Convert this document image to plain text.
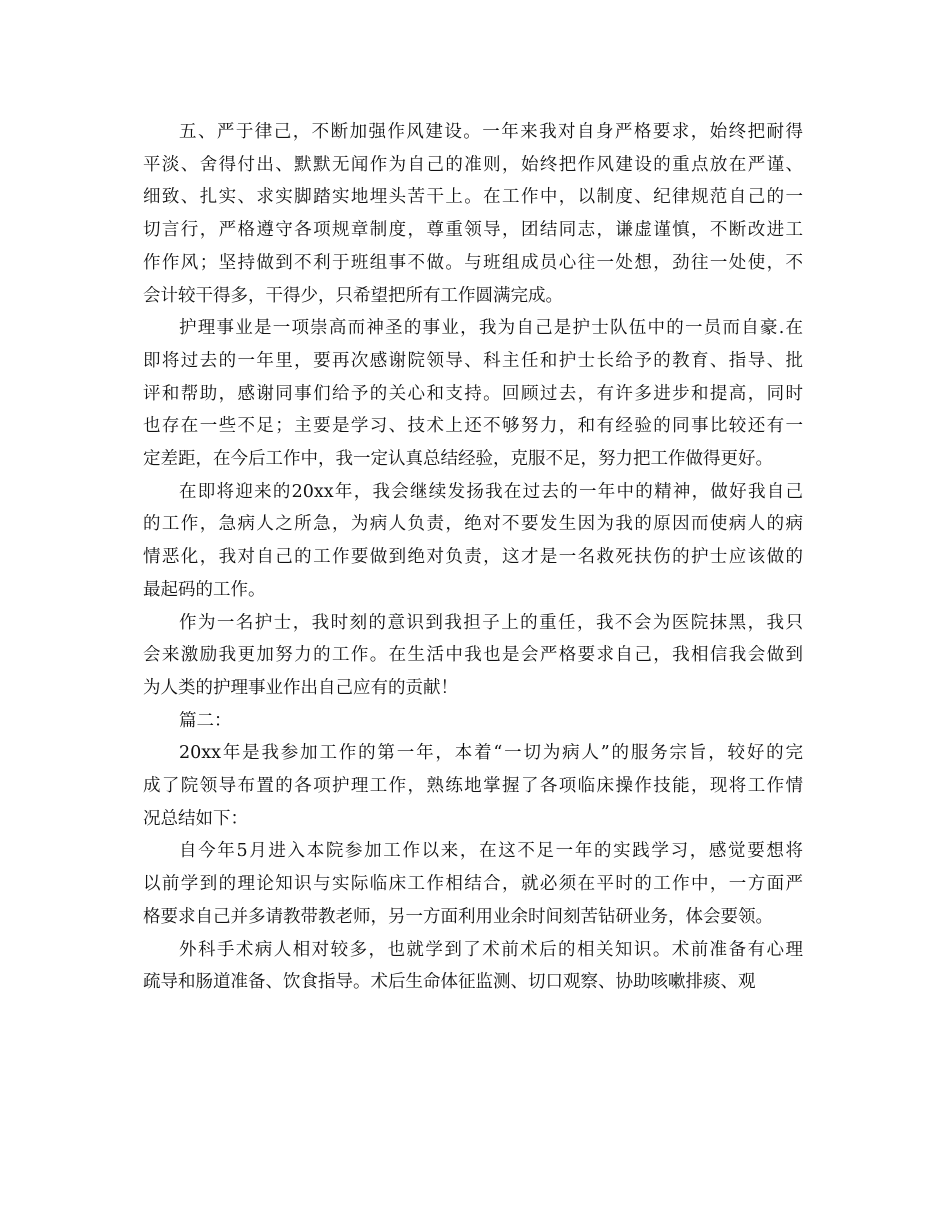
五、严于律己，不断加强作风建设。一年来我对自身严格要求，始终把耐得
平淡、舍得付出、默默无闻作为自己的准则，始终把作风建设的重点放在严谨、
细致、扎实、求实脚踏实地埋头苦干上。在工作中，以制度、纪律规范自己的一
切言行，严格遵守各项规章制度，尊重领导，团结同志，谦虚谨慎，不断改进工
作作风；坚持做到不利于班组事不做。与班组成员心往一处想，劲往一处使，不
会计较干得多，干得少，只希望把所有工作圆满完成。
护理事业是一项崇高而神圣的事业，我为自己是护士队伍中的一员而自豪.在
即将过去的一年里，要再次感谢院领导、科主任和护士长给予的教育、指导、批
评和帮助，感谢同事们给予的关心和支持。回顾过去，有许多进步和提高，同时
也存在一些不足；主要是学习、技术上还不够努力，和有经验的同事比较还有一
定差距，在今后工作中，我一定认真总结经验，克服不足，努力把工作做得更好。
在即将迎来的20xx年，我会继续发扬我在过去的一年中的精神，做好我自己
的工作，急病人之所急，为病人负责，绝对不要发生因为我的原因而使病人的病
情恶化，我对自己的工作要做到绝对负责，这才是一名救死扶伤的护士应该做的
最起码的工作。
作为一名护士，我时刻的意识到我担子上的重任，我不会为医院抹黑，我只
会来激励我更加努力的工作。在生活中我也是会严格要求自己，我相信我会做到
为人类的护理事业作出自己应有的贡献！
篇二：
20xx年是我参加工作的第一年，本着“一切为病人”的服务宗旨，较好的完
成了院领导布置的各项护理工作，熟练地掌握了各项临床操作技能，现将工作情
况总结如下：
自今年5月进入本院参加工作以来，在这不足一年的实践学习，感觉要想将
以前学到的理论知识与实际临床工作相结合，就必须在平时的工作中，一方面严
格要求自己并多请教带教老师，另一方面利用业余时间刻苦钻研业务，体会要领。
外科手术病人相对较多，也就学到了术前术后的相关知识。术前准备有心理
疏导和肠道准备、饮食指导。术后生命体征监测、切口观察、协助咳嗽排痰、观
